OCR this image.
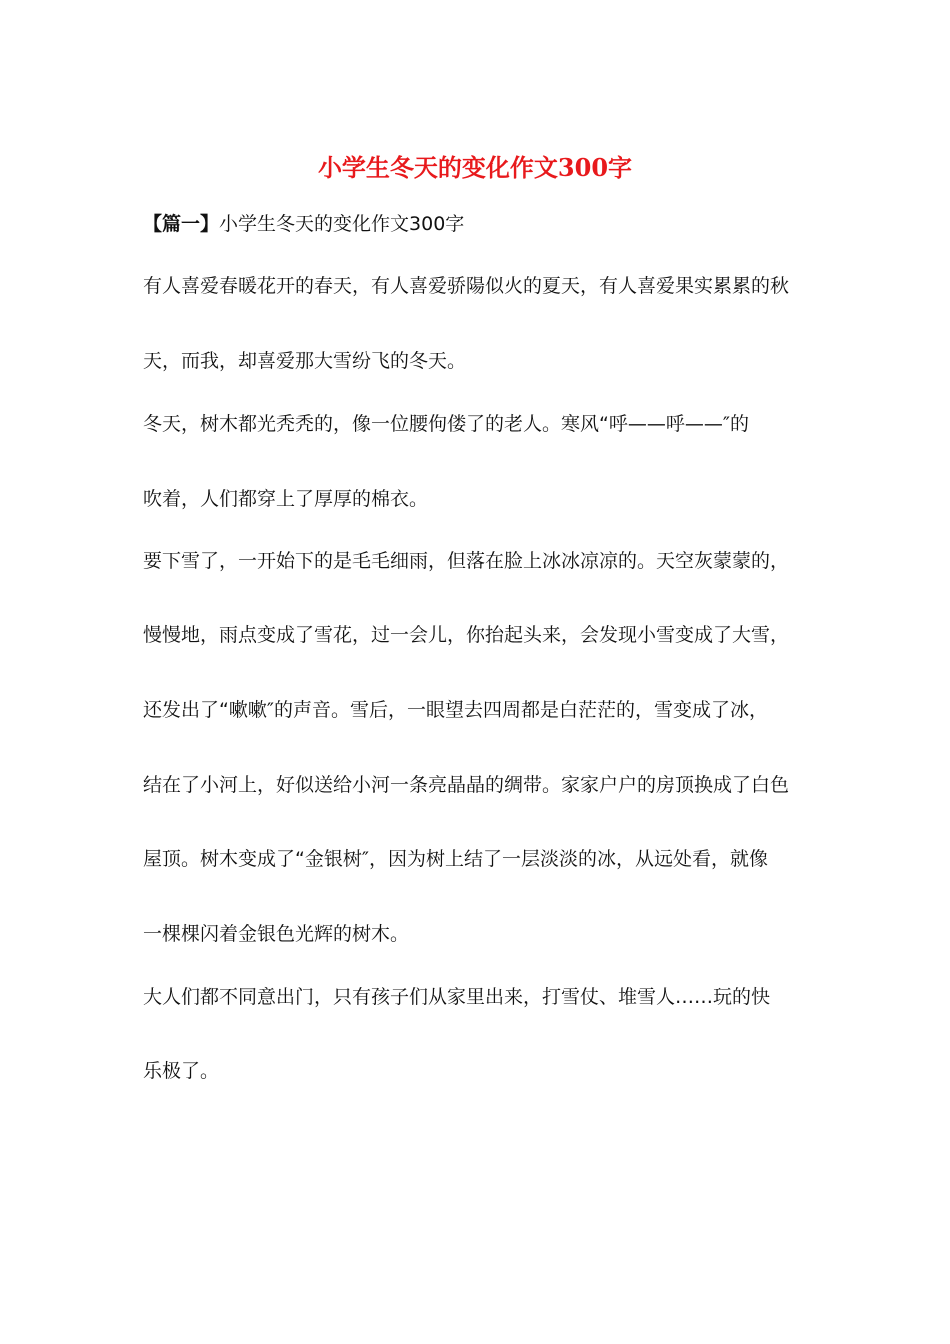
小学生冬天的变化作文300字

【篇一】小学生冬天的变化作文300字

有人喜爱春暖花开的春天，有人喜爱骄陽似火的夏天，有人喜爱果实累累的秋

天，而我，却喜爱那大雪纷飞的冬天。

冬天，树木都光秃秃的，像一位腰佝偻了的老人。寒风“呼——呼——″的

吹着，人们都穿上了厚厚的棉衣。

要下雪了，一开始下的是毛毛细雨，但落在脸上冰冰凉凉的。天空灰蒙蒙的，

慢慢地，雨点变成了雪花，过一会儿，你抬起头来，会发现小雪变成了大雪，

还发出了“嗽嗽″的声音。雪后，一眼望去四周都是白茫茫的，雪变成了冰，

结在了小河上，好似送给小河一条亮晶晶的绸带。家家户户的房顶换成了白色

屋顶。树木变成了“金银树″，因为树上结了一层淡淡的冰，从远处看，就像

一棵棵闪着金银色光辉的树木。

大人们都不同意出门，只有孩子们从家里出来，打雪仗、堆雪人……玩的快

乐极了。
